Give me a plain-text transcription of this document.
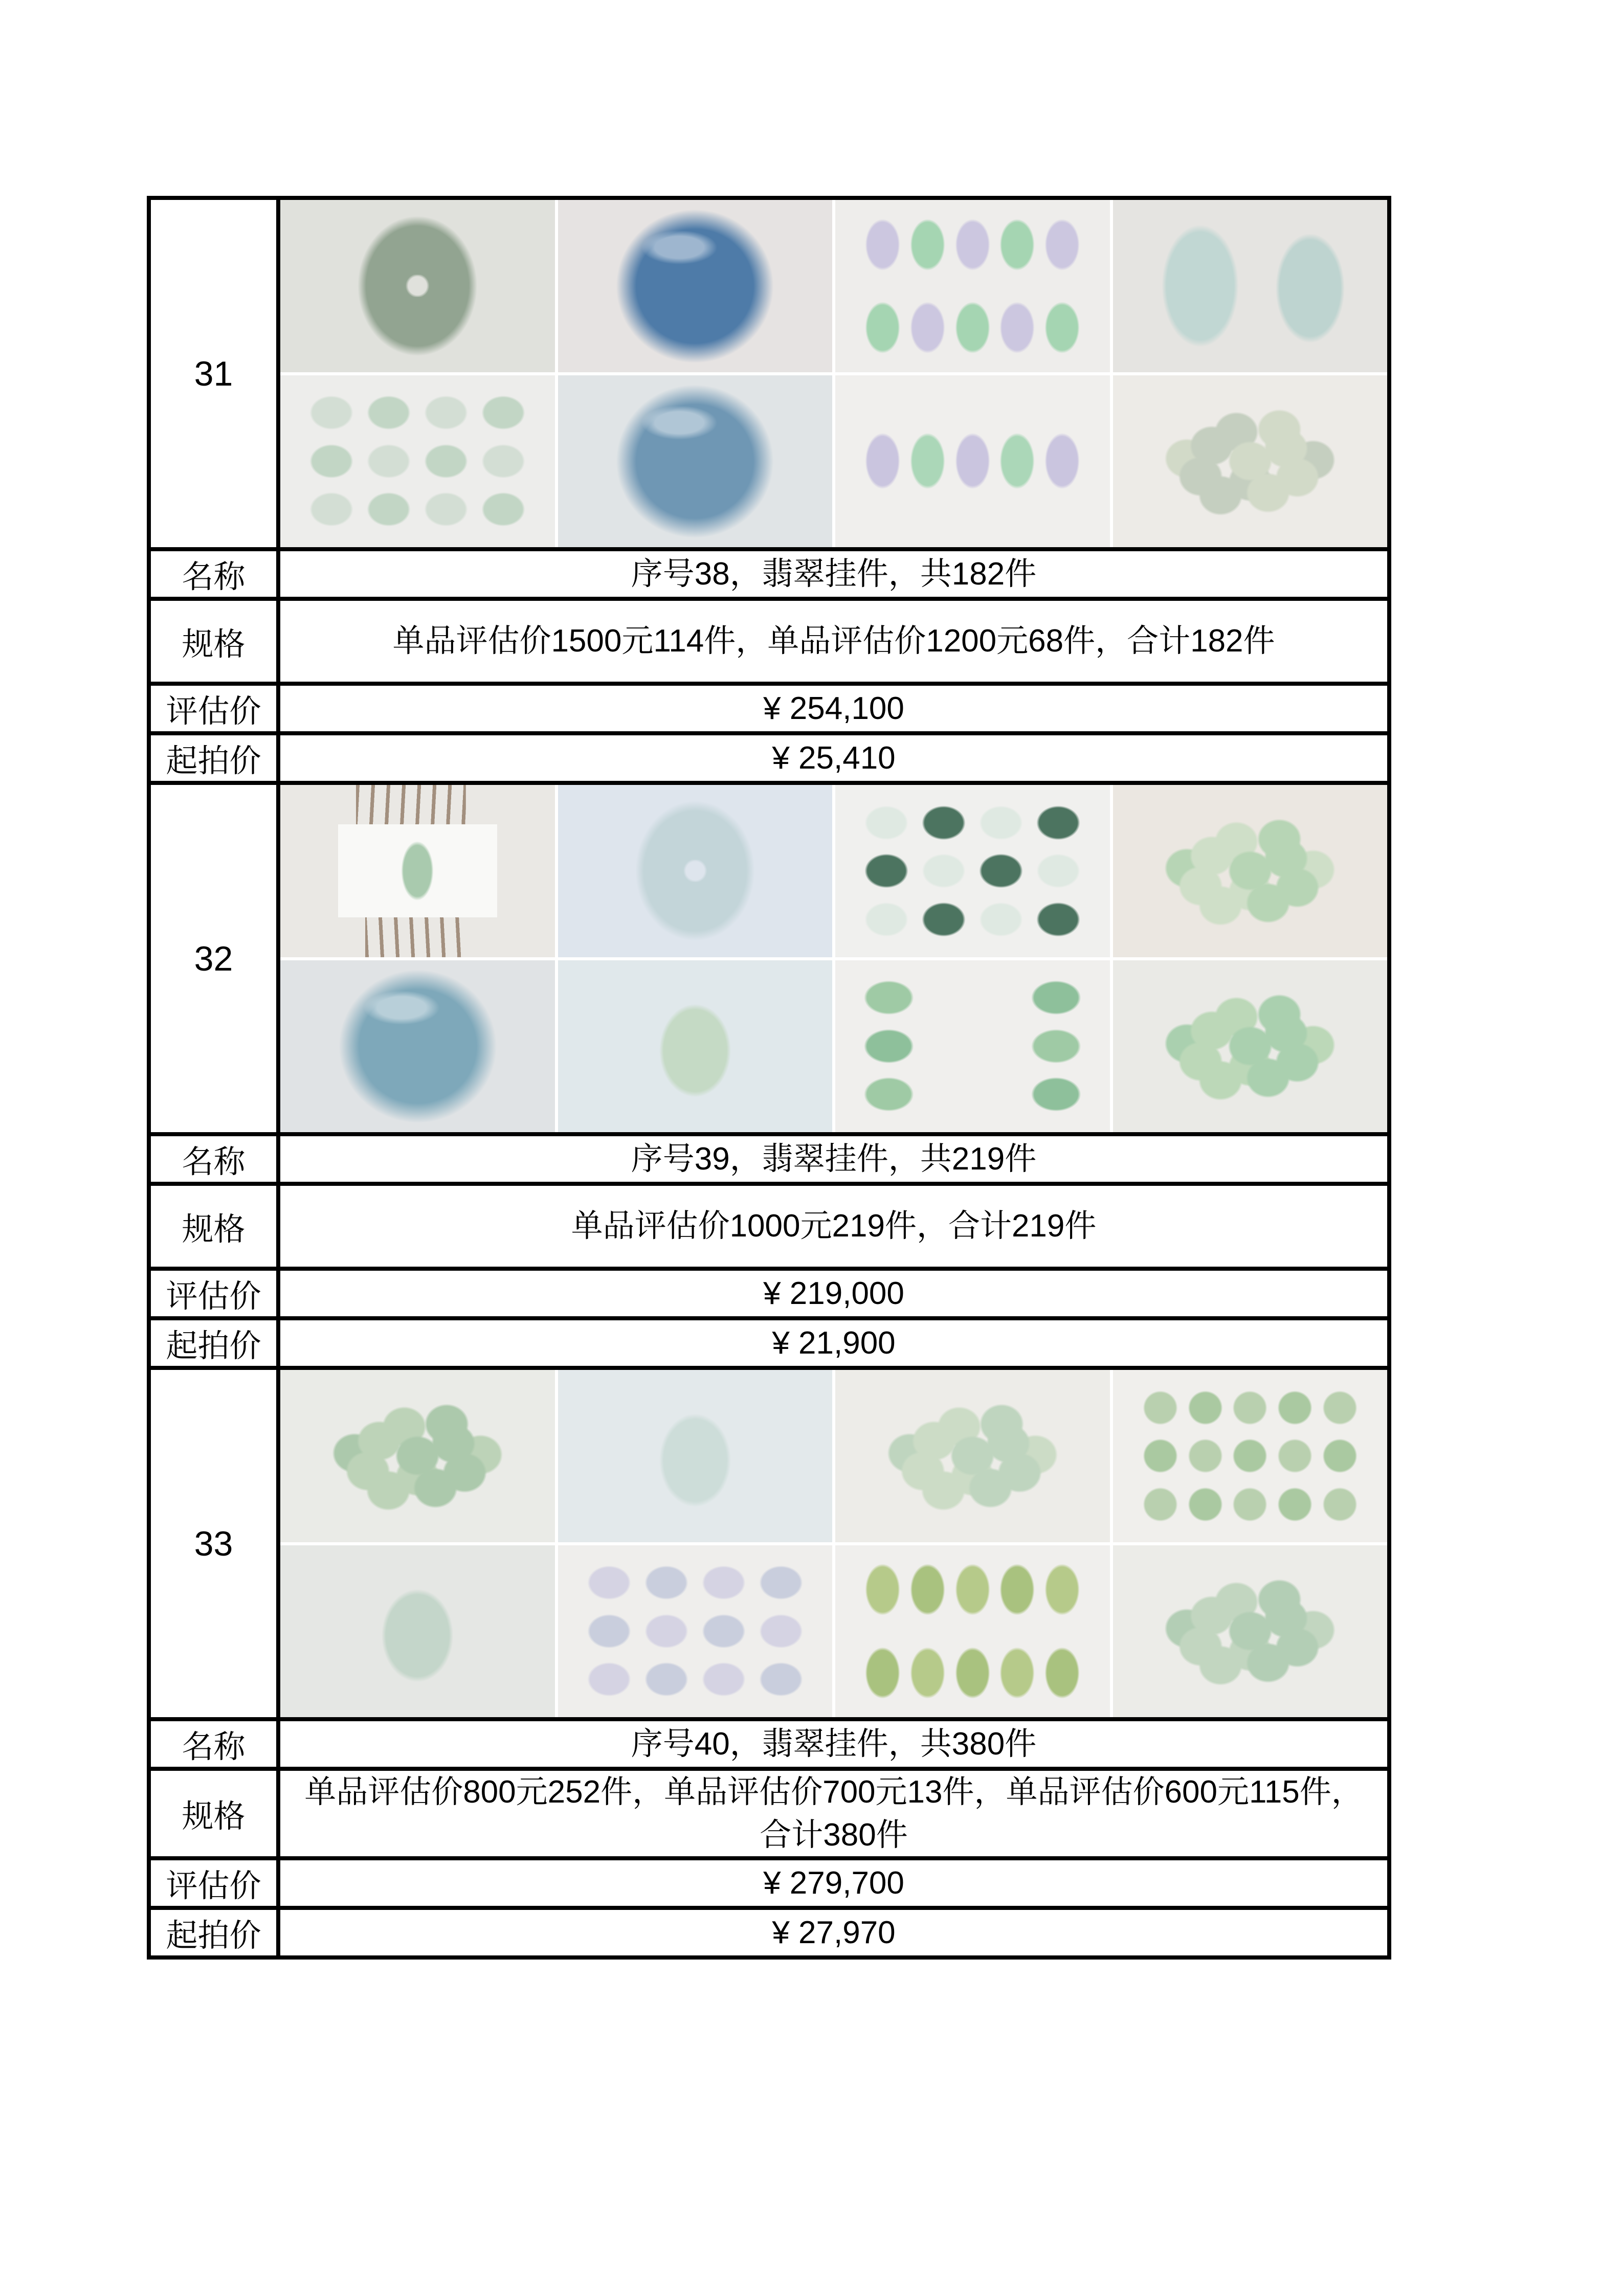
31	

名称	序号38，翡翠挂件，共182件
规格	单品评估价1500元114件，单品评估价1200元68件，合计182件
评估价	¥ 254,100
起拍价	¥ 25,410
32	

名称	序号39，翡翠挂件，共219件
规格	单品评估价1000元219件，合计219件
评估价	¥ 219,000
起拍价	¥ 21,900
33	

名称	序号40，翡翠挂件，共380件
规格	单品评估价800元252件，单品评估价700元13件，单品评估价600元115件，合计380件
评估价	¥ 279,700
起拍价	¥ 27,970
